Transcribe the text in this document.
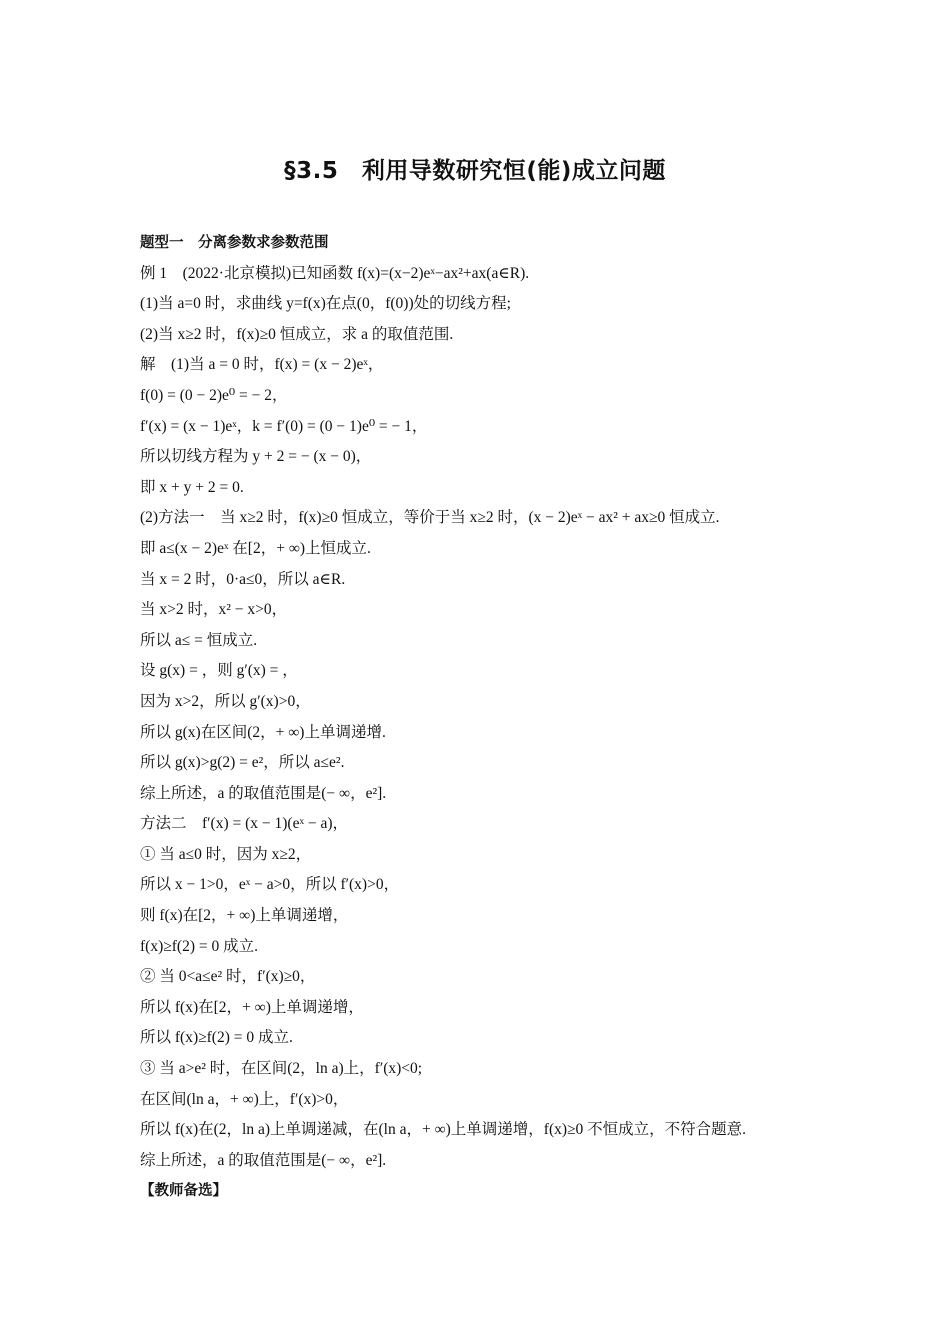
§3.5　利用导数研究恒(能)成立问题
题型一　分离参数求参数范围
例 1　(2022·北京模拟)已知函数 f(x)=(x−2)eˣ−ax²+ax(a∈R).
(1)当 a=0 时，求曲线 y=f(x)在点(0，f(0))处的切线方程;
(2)当 x≥2 时，f(x)≥0 恒成立，求 a 的取值范围.
解　(1)当 a = 0 时，f(x) = (x − 2)eˣ，
f(0) = (0 − 2)e⁰ = − 2，
f′(x) = (x − 1)eˣ，k = f′(0) = (0 − 1)e⁰ = − 1，
所以切线方程为 y + 2 = − (x − 0)，
即 x + y + 2 = 0.
(2)方法一　当 x≥2 时，f(x)≥0 恒成立，等价于当 x≥2 时，(x − 2)eˣ − ax² + ax≥0 恒成立.
即 a≤(x − 2)eˣ 在[2，+ ∞)上恒成立.
当 x = 2 时，0·a≤0，所以 a∈R.
当 x>2 时，x² − x>0，
所以 a≤ = 恒成立.
设 g(x) = ，则 g′(x) = ，
因为 x>2，所以 g′(x)>0，
所以 g(x)在区间(2，+ ∞)上单调递增.
所以 g(x)>g(2) = e²，所以 a≤e².
综上所述，a 的取值范围是(− ∞，e²].
方法二　f′(x) = (x − 1)(eˣ − a)，
① 当 a≤0 时，因为 x≥2，
所以 x − 1>0，eˣ − a>0，所以 f′(x)>0，
则 f(x)在[2，+ ∞)上单调递增，
f(x)≥f(2) = 0 成立.
② 当 0<a≤e² 时，f′(x)≥0，
所以 f(x)在[2，+ ∞)上单调递增，
所以 f(x)≥f(2) = 0 成立.
③ 当 a>e² 时，在区间(2，ln a)上，f′(x)<0;
在区间(ln a，+ ∞)上，f′(x)>0，
所以 f(x)在(2，ln a)上单调递减，在(ln a，+ ∞)上单调递增，f(x)≥0 不恒成立，不符合题意.
综上所述，a 的取值范围是(− ∞，e²].
【教师备选】
